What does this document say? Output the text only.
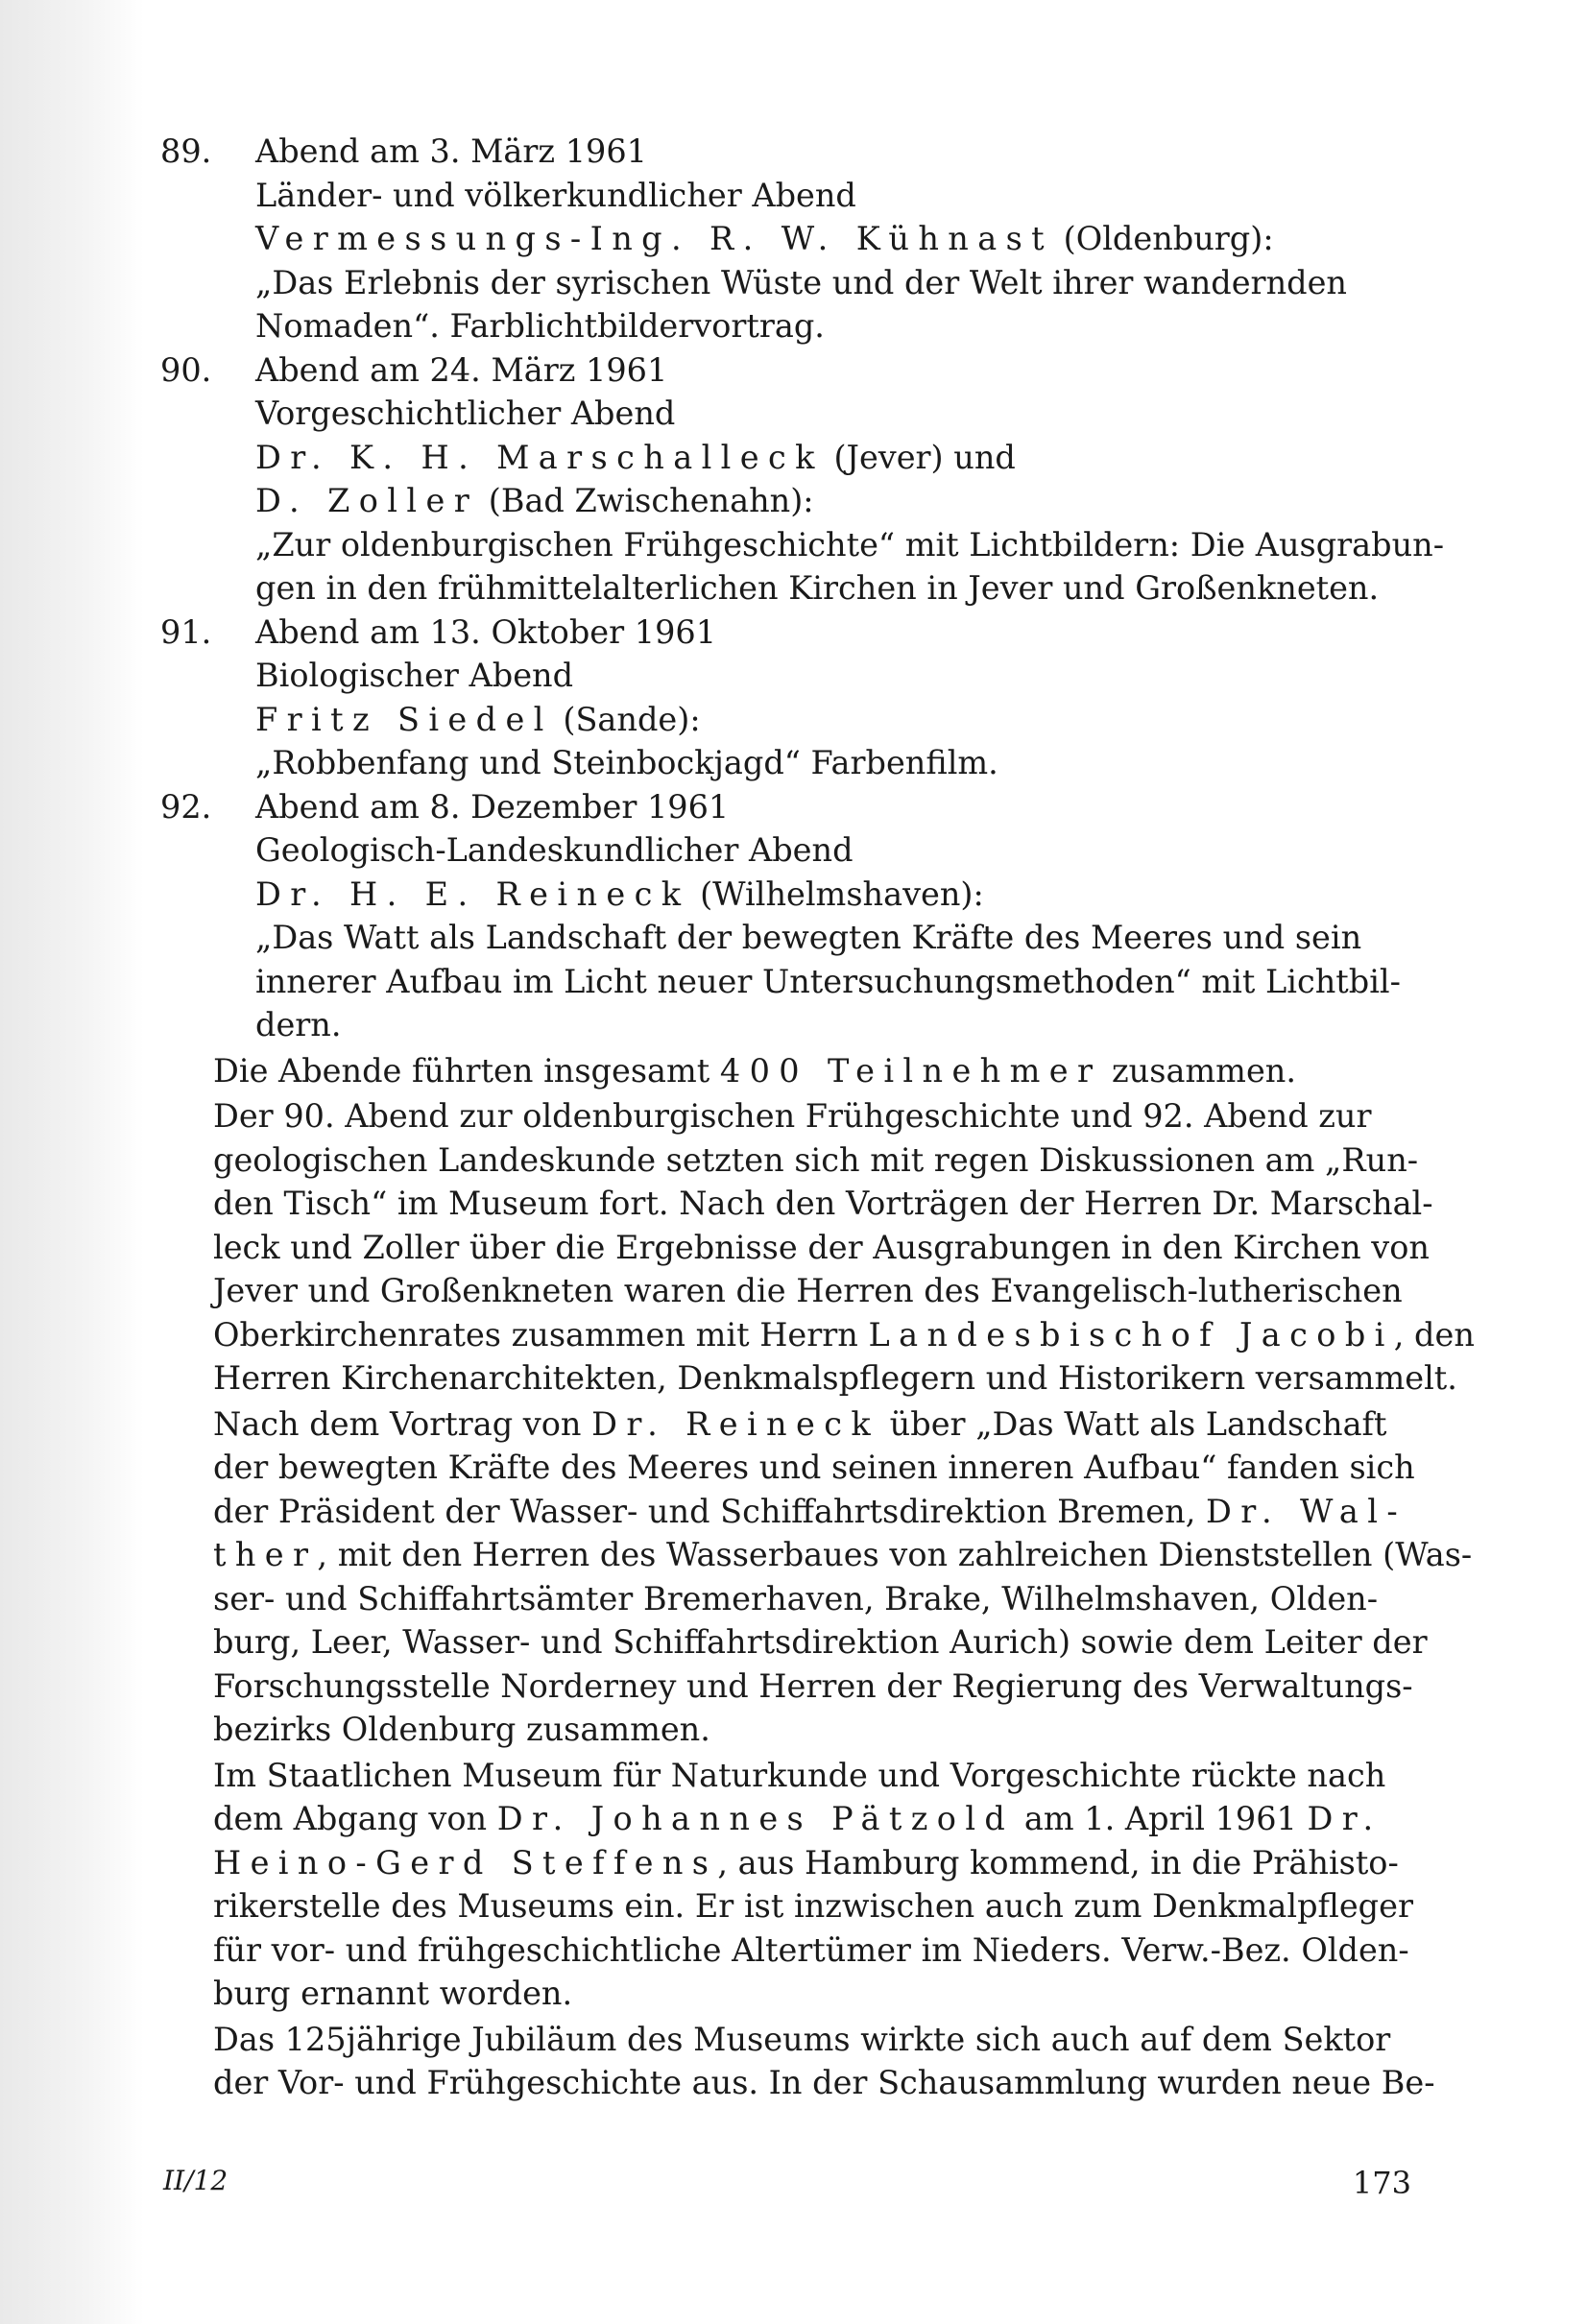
89.	Abend am 3. März 1961
Länder- und völkerkundlicher Abend
Vermessungs-Ing. R. W. Kühnast (Oldenburg):
„Das Erlebnis der syrischen Wüste und der Welt ihrer wandernden
Nomaden“. Farblichtbildervortrag.
90.	Abend am 24. März 1961
Vorgeschichtlicher Abend
Dr. K. H. Marschalleck (Jever) und
D. Zoller (Bad Zwischenahn):
„Zur oldenburgischen Frühgeschichte“ mit Lichtbildern: Die Ausgrabun-
gen in den frühmittelalterlichen Kirchen in Jever und Großenkneten.
91.	Abend am 13. Oktober 1961
Biologischer Abend
Fritz Siedel (Sande):
„Robbenfang und Steinbockjagd“ Farbenfilm.
92.	Abend am 8. Dezember 1961
Geologisch-Landeskundlicher Abend
Dr. H. E. Reineck (Wilhelmshaven):
„Das Watt als Landschaft der bewegten Kräfte des Meeres und sein
innerer Aufbau im Licht neuer Untersuchungsmethoden“ mit Lichtbil-
dern.
Die Abende führten insgesamt 400 Teilnehmer zusammen.
Der 90. Abend zur oldenburgischen Frühgeschichte und 92. Abend zur
geologischen Landeskunde setzten sich mit regen Diskussionen am „Run-
den Tisch“ im Museum fort. Nach den Vorträgen der Herren Dr. Marschal-
leck und Zoller über die Ergebnisse der Ausgrabungen in den Kirchen von
Jever und Großenkneten waren die Herren des Evangelisch-lutherischen
Oberkirchenrates zusammen mit Herrn Landesbischof Jacobi, den
Herren Kirchenarchitekten, Denkmalspflegern und Historikern versammelt.
Nach dem Vortrag von Dr. Reineck über „Das Watt als Landschaft
der bewegten Kräfte des Meeres und seinen inneren Aufbau“ fanden sich
der Präsident der Wasser- und Schiffahrtsdirektion Bremen, Dr. Wal-
ther, mit den Herren des Wasserbaues von zahlreichen Dienststellen (Was-
ser- und Schiffahrtsämter Bremerhaven, Brake, Wilhelmshaven, Olden-
burg, Leer, Wasser- und Schiffahrtsdirektion Aurich) sowie dem Leiter der
Forschungsstelle Norderney und Herren der Regierung des Verwaltungs-
bezirks Oldenburg zusammen.
Im Staatlichen Museum für Naturkunde und Vorgeschichte rückte nach
dem Abgang von Dr. Johannes Pätzold am 1. April 1961 Dr.
Heino-Gerd Steffens, aus Hamburg kommend, in die Prähisto-
rikerstelle des Museums ein. Er ist inzwischen auch zum Denkmalpfleger
für vor- und frühgeschichtliche Altertümer im Nieders. Verw.-Bez. Olden-
burg ernannt worden.
Das 125jährige Jubiläum des Museums wirkte sich auch auf dem Sektor
der Vor- und Frühgeschichte aus. In der Schausammlung wurden neue Be-
II/12	173
